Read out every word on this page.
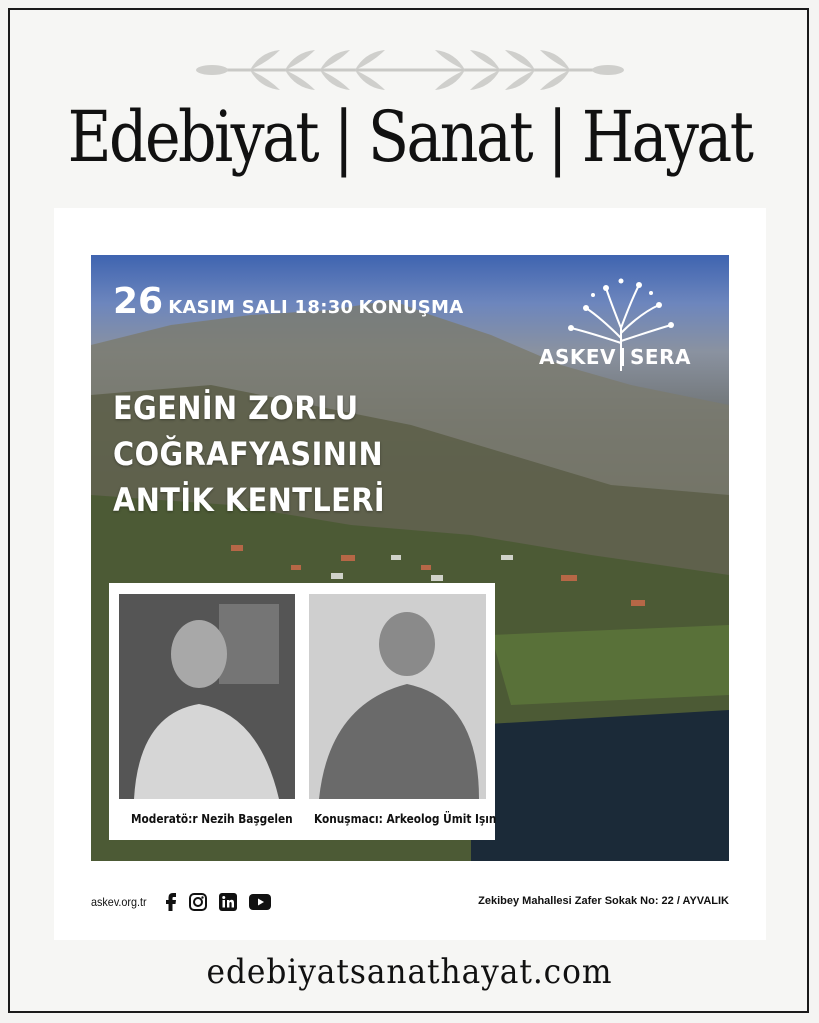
Edebiyat | Sanat | Hayat
26 KASIM SALI 18:30 KONUŞMA
ASKEV SERA
EGENİN ZORLU
COĞRAFYASININ
ANTİK KENTLERİ
Moderatö:r Nezih Başgelen Konuşmacı: Arkeolog Ümit Işın
askev.org.tr	Zekibey Mahallesi Zafer Sokak No: 22 / AYVALIK
edebiyatsanathayat.com
